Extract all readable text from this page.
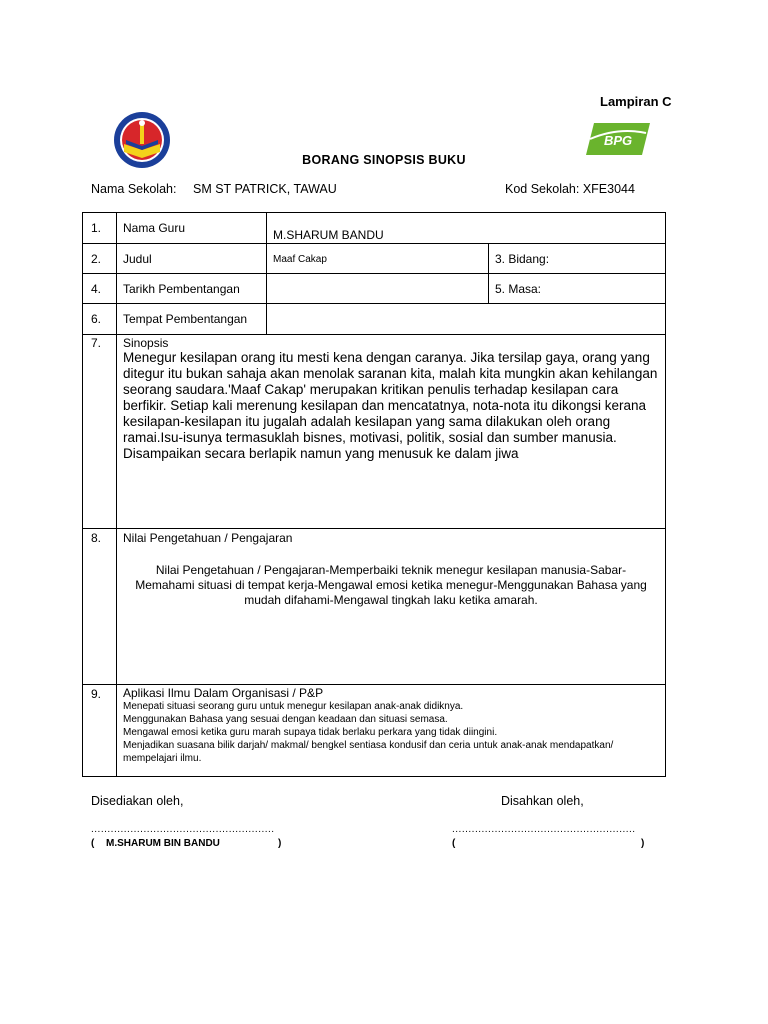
Lampiran C
BPG
BORANG SINOPSIS BUKU
Nama Sekolah: SM ST PATRICK, TAWAU	Kod Sekolah: XFE3044
1.	Nama Guru	M.SHARUM BANDU	
2.	Judul	Maaf Cakap	3. Bidang:
4.	Tarikh Pembentangan		5. Masa:
6.	Tempat Pembentangan		
7.	Sinopsis
Menegur kesilapan orang itu mesti kena dengan caranya. Jika tersilap gaya, orang yang ditegur itu bukan sahaja akan menolak saranan kita, malah kita mungkin akan kehilangan seorang saudara.'Maaf Cakap' merupakan kritikan penulis terhadap kesilapan cara berfikir. Setiap kali merenung kesilapan dan mencatatnya, nota-nota itu dikongsi kerana kesilapan-kesilapan itu jugalah adalah kesilapan yang sama dilakukan oleh orang ramai.Isu-isunya termasuklah bisnes, motivasi, politik, sosial dan sumber manusia. Disampaikan secara berlapik namun yang menusuk ke dalam jiwa		

8.	Nilai Pengetahuan / Pengajaran
Nilai Pengetahuan / Pengajaran-Memperbaiki teknik menegur kesilapan manusia-Sabar-Memahami situasi di tempat kerja-Mengawal emosi ketika menegur-Menggunakan Bahasa yang mudah difahami-Mengawal tingkah laku ketika amarah.		

9.	Aplikasi Ilmu Dalam Organisasi / P&P
Menepati situasi seorang guru untuk menegur kesilapan anak-anak didiknya.
Menggunakan Bahasa yang sesuai dengan keadaan dan situasi semasa.
Mengawal emosi ketika guru marah supaya tidak berlaku perkara yang tidak diingini.
Menjadikan suasana bilik darjah/ makmal/ bengkel sentiasa kondusif dan ceria untuk anak-anak mendapatkan/ mempelajari ilmu.		
Disediakan oleh,	Disahkan oleh,
........................................................	........................................................
( M.SHARUM BIN BANDU	)	(	)
